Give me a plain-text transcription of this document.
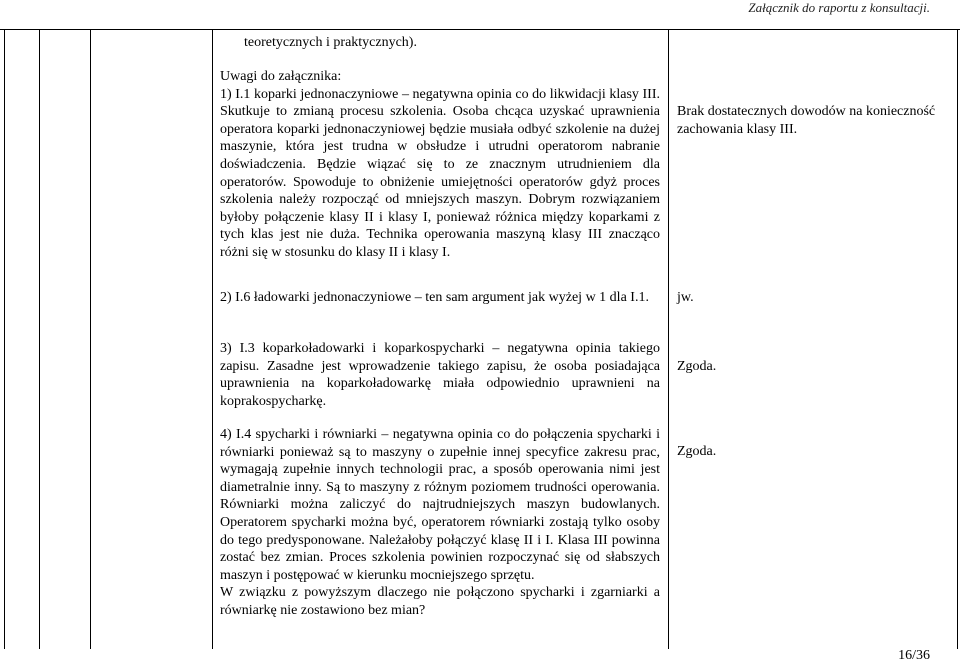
Załącznik do raportu z konsultacji.

teoretycznych i praktycznych).

Uwagi do załącznika:

1) I.1 koparki jednonaczyniowe – negatywna opinia co do likwidacji klasy III. Skutkuje to zmianą procesu szkolenia. Osoba chcąca uzyskać uprawnienia operatora koparki jednonaczyniowej będzie musiała odbyć szkolenie na dużej maszynie, która jest trudna w obsłudze i utrudni operatorom nabranie doświadczenia. Będzie wiązać się to ze znacznym utrudnieniem dla operatorów. Spowoduje to obniżenie umiejętności operatorów gdyż proces szkolenia należy rozpocząć od mniejszych maszyn. Dobrym rozwiązaniem byłoby połączenie klasy II i klasy I, ponieważ różnica między koparkami z tych klas jest nie duża. Technika operowania maszyną klasy III znacząco różni się w stosunku do klasy II i klasy I.

2) I.6 ładowarki jednonaczyniowe – ten sam argument jak wyżej w 1 dla I.1.

3) I.3 koparkoładowarki i koparkospycharki – negatywna opinia takiego zapisu. Zasadne jest wprowadzenie takiego zapisu, że osoba posiadająca uprawnienia na koparkoładowarkę miała odpowiednio uprawnieni na koprakospycharkę.

4) I.4 spycharki i równiarki – negatywna opinia co do połączenia spycharki i równiarki ponieważ są to maszyny o zupełnie innej specyfice zakresu prac, wymagają zupełnie innych technologii prac, a sposób operowania nimi jest diametralnie inny. Są to maszyny z różnym poziomem trudności operowania. Równiarki można zaliczyć do najtrudniejszych maszyn budowlanych. Operatorem spycharki można być, operatorem równiarki zostają tylko osoby do tego predysponowane. Należałoby połączyć klasę II i I. Klasa III powinna zostać bez zmian. Proces szkolenia powinien rozpoczynać się od słabszych maszyn i postępować w kierunku mocniejszego sprzętu.

W związku z powyższym dlaczego nie połączono spycharki i zgarniarki a równiarkę nie zostawiono bez mian?

Brak dostatecznych dowodów na konieczność zachowania klasy III.
jw.
Zgoda.
Zgoda.
16/36
